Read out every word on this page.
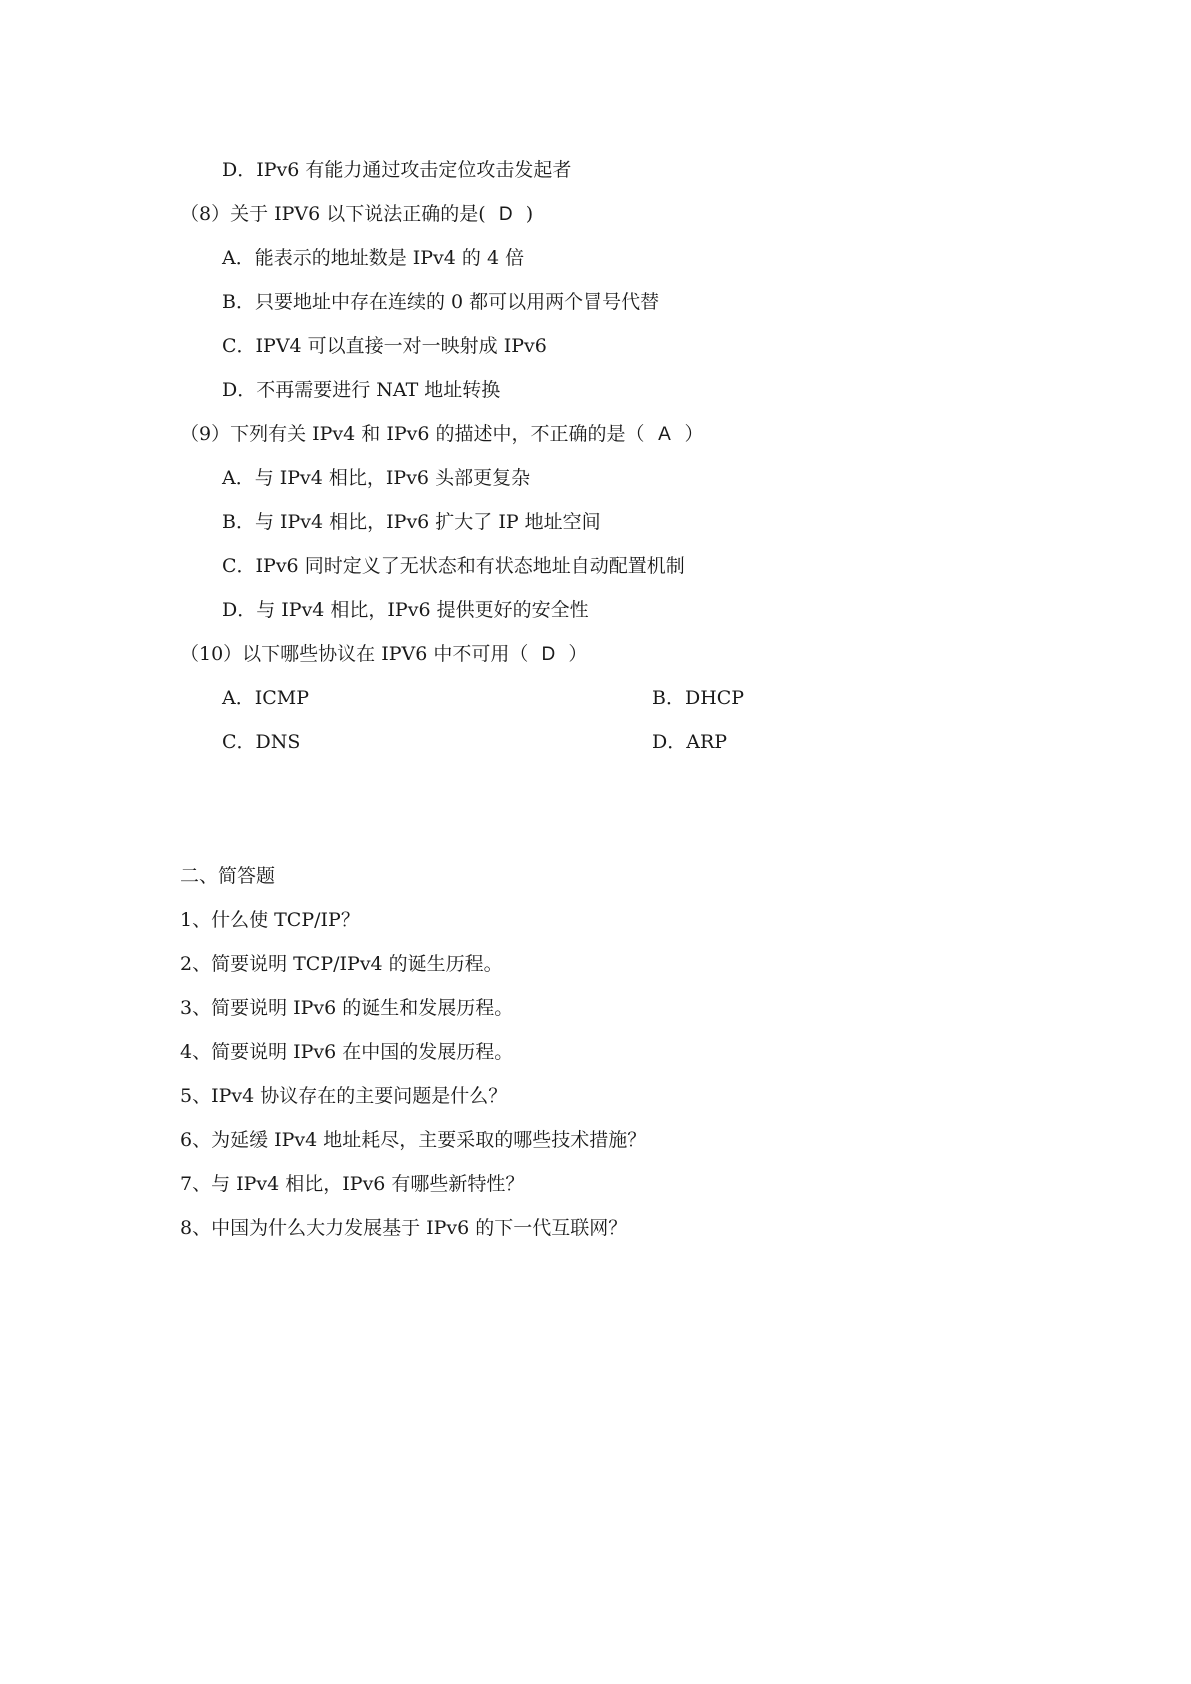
D．IPv6 有能力通过攻击定位攻击发起者
（8）关于 IPV6 以下说法正确的是( D )
A．能表示的地址数是 IPv4 的 4 倍
B．只要地址中存在连续的 0 都可以用两个冒号代替
C．IPV4 可以直接一对一映射成 IPv6
D．不再需要进行 NAT 地址转换
（9）下列有关 IPv4 和 IPv6 的描述中，不正确的是（ A ）
A．与 IPv4 相比，IPv6 头部更复杂
B．与 IPv4 相比，IPv6 扩大了 IP 地址空间
C．IPv6 同时定义了无状态和有状态地址自动配置机制
D．与 IPv4 相比，IPv6 提供更好的安全性
（10）以下哪些协议在 IPV6 中不可用（ D ）
A．ICMP	B．DHCP
C．DNS	D．ARP
二、简答题
1、什么使 TCP/IP？
2、简要说明 TCP/IPv4 的诞生历程。
3、简要说明 IPv6 的诞生和发展历程。
4、简要说明 IPv6 在中国的发展历程。
5、IPv4 协议存在的主要问题是什么？
6、为延缓 IPv4 地址耗尽，主要采取的哪些技术措施？
7、与 IPv4 相比，IPv6 有哪些新特性？
8、中国为什么大力发展基于 IPv6 的下一代互联网？
